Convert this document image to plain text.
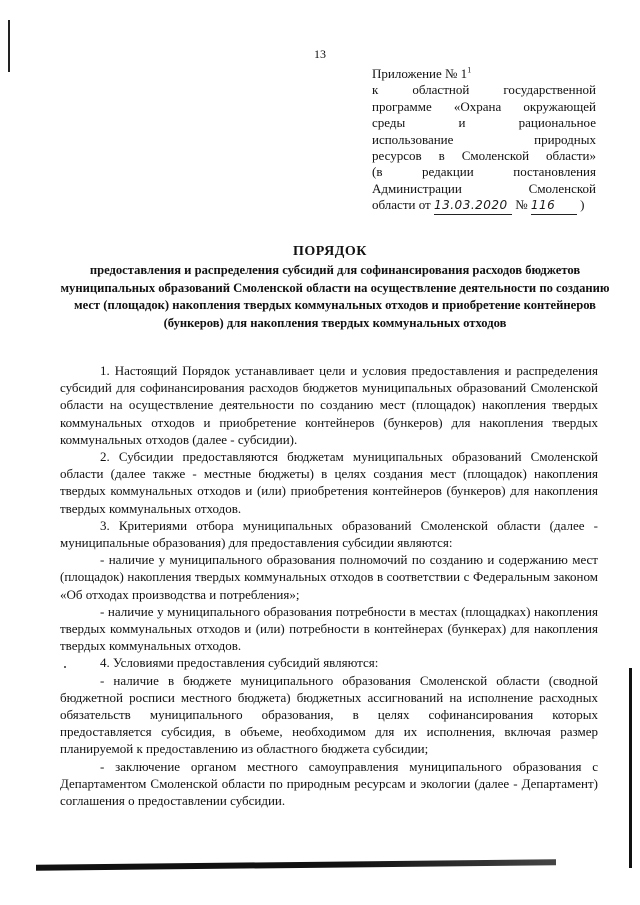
13
Приложение № $1^1$
к областной государственной
программе «Охрана окружающей
среды и рациональное
использование природных
ресурсов в Смоленской области»
(в редакции постановления
Администрации Смоленской
области от 13.03.2020 № 116 )
ПОРЯДОК
предоставления и распределения субсидий для софинансирования расходов бюджетов муниципальных образований Смоленской области на осуществление деятельности по созданию мест (площадок) накопления твердых коммунальных отходов и приобретение контейнеров (бункеров) для накопления твердых коммунальных отходов

1. Настоящий Порядок устанавливает цели и условия предоставления и распределения субсидий для софинансирования расходов бюджетов муниципальных образований Смоленской области на осуществление деятельности по созданию мест (площадок) накопления твердых коммунальных отходов и приобретение контейнеров (бункеров) для накопления твердых коммунальных отходов (далее - субсидии).

2. Субсидии предоставляются бюджетам муниципальных образований Смоленской области (далее также - местные бюджеты) в целях создания мест (площадок) накопления твердых коммунальных отходов и (или) приобретения контейнеров (бункеров) для накопления твердых коммунальных отходов.

3. Критериями отбора муниципальных образований Смоленской области (далее - муниципальные образования) для предоставления субсидии являются:

- наличие у муниципального образования полномочий по созданию и содержанию мест (площадок) накопления твердых коммунальных отходов в соответствии с Федеральным законом «Об отходах производства и потребления»;

- наличие у муниципального образования потребности в местах (площадках) накопления твердых коммунальных отходов и (или) потребности в контейнерах (бункерах) для накопления твердых коммунальных отходов.

4. Условиями предоставления субсидий являются:

- наличие в бюджете муниципального образования Смоленской области (сводной бюджетной росписи местного бюджета) бюджетных ассигнований на исполнение расходных обязательств муниципального образования, в целях софинансирования которых предоставляется субсидия, в объеме, необходимом для их исполнения, включая размер планируемой к предоставлению из областного бюджета субсидии;

- заключение органом местного самоуправления муниципального образования с Департаментом Смоленской области по природным ресурсам и экологии (далее - Департамент) соглашения о предоставлении субсидии.
